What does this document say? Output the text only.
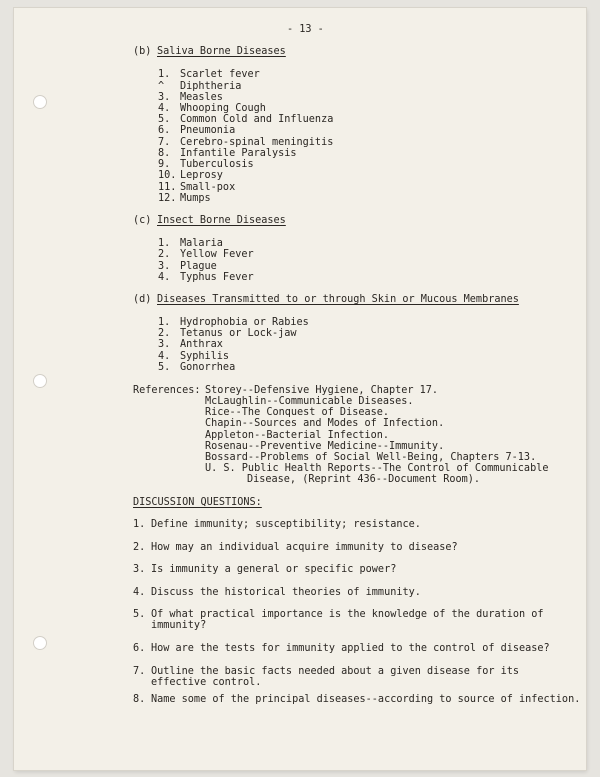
- 13 -
(b) Saliva Borne Diseases
1. Scarlet fever
^ Diphtheria
3. Measles
4. Whooping Cough
5. Common Cold and Influenza
6. Pneumonia
7. Cerebro-spinal meningitis
8. Infantile Paralysis
9. Tuberculosis
10. Leprosy
11. Small-pox
12. Mumps
(c) Insect Borne Diseases
1. Malaria
2. Yellow Fever
3. Plague
4. Typhus Fever
(d) Diseases Transmitted to or through Skin or Mucous Membranes
1. Hydrophobia or Rabies
2. Tetanus or Lock-jaw
3. Anthrax
4. Syphilis
5. Gonorrhea
References: Storey--Defensive Hygiene, Chapter 17.
McLaughlin--Communicable Diseases.
Rice--The Conquest of Disease.
Chapin--Sources and Modes of Infection.
Appleton--Bacterial Infection.
Rosenau--Preventive Medicine--Immunity.
Bossard--Problems of Social Well-Being, Chapters 7-13.
U. S. Public Health Reports--The Control of Communicable
Disease, (Reprint 436--Document Room).
DISCUSSION QUESTIONS:
1. Define immunity; susceptibility; resistance.
2. How may an individual acquire immunity to disease?
3. Is immunity a general or specific power?
4. Discuss the historical theories of immunity.
5. Of what practical importance is the knowledge of the duration of
immunity?
6. How are the tests for immunity applied to the control of disease?
7. Outline the basic facts needed about a given disease for its
effective control.
8. Name some of the principal diseases--according to source of infection.
